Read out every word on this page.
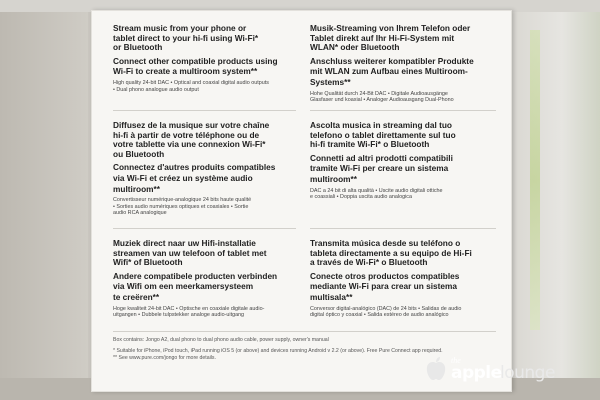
Stream music from your phone or

tablet direct to your hi-fi using Wi-Fi*

or Bluetooth

Connect other compatible products using

Wi-Fi to create a multiroom system**

High quality 24-bit DAC • Optical and coaxial digital audio outputs

• Dual phono analogue audio output

Musik-Streaming von Ihrem Telefon oder

Tablet direkt auf Ihr Hi-Fi-System mit

WLAN* oder Bluetooth

Anschluss weiterer kompatibler Produkte

mit WLAN zum Aufbau eines Multiroom-

Systems**

Hohe Qualität durch 24-Bit DAC • Digitale Audioausgänge

Glasfaser und koaxial • Analoger Audioausgang Dual-Phono

Diffusez de la musique sur votre chaîne

hi-fi à partir de votre téléphone ou de

votre tablette via une connexion Wi-Fi*

ou Bluetooth

Connectez d'autres produits compatibles

via Wi-Fi et créez un système audio

multiroom**

Convertisseur numérique-analogique 24 bits haute qualité

• Sorties audio numériques optiques et coaxiales • Sortie

audio RCA analogique

Ascolta musica in streaming dal tuo

telefono o tablet direttamente sul tuo

hi-fi tramite Wi-Fi* o Bluetooth

Connetti ad altri prodotti compatibili

tramite Wi-Fi per creare un sistema

multiroom**

DAC a 24 bit di alta qualità • Uscite audio digitali ottiche

e coassiali • Doppia uscita audio analogica

Muziek direct naar uw Hifi-installatie

streamen van uw telefoon of tablet met

Wifi* of Bluetooth

Andere compatibele producten verbinden

via Wifi om een meerkamersysteem

te creëren**

Hoge kwaliteit 24-bit DAC • Optische en coaxiale digitale audio-

uitgangen • Dubbele tulpstekker analoge audio-uitgang

Transmita música desde su teléfono o

tableta directamente a su equipo de Hi-Fi

a través de Wi-Fi* o Bluetooth

Conecte otros productos compatibles

mediante Wi-Fi para crear un sistema

multisala**

Conversor digital-analógico (DAC) de 24 bits • Salidas de audio

digital óptico y coaxial • Salida estéreo de audio analógico

Box contains: Jongo A2, dual phono to dual phono audio cable, power supply, owner's manual

* Suitable for iPhone, iPod touch, iPad running iOS 5 (or above) and devices running Android v 2.2 (or above). Free Pure Connect app required.

** See www.pure.com/jongo for more details.	the
apple
lounge
